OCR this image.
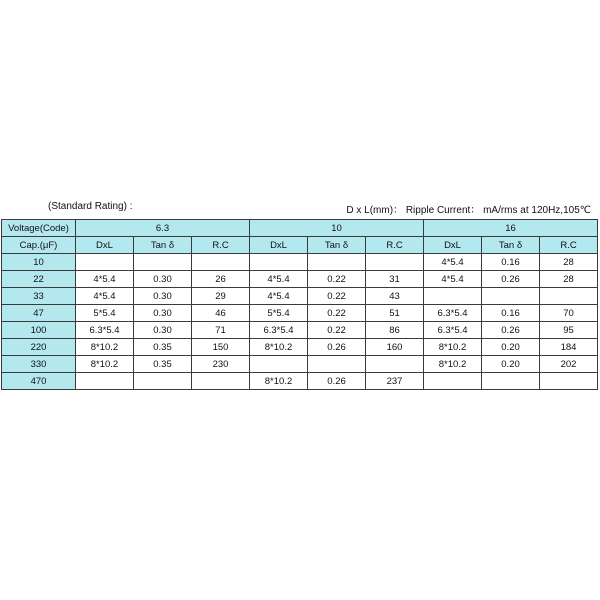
(Standard Rating) :	D x L(mm)： Ripple Current： mA/rms at 120Hz,105℃
Voltage(Code)	6.3			10			16		
Cap.(μF)	DxL	Tan δ	R.C	DxL	Tan δ	R.C	DxL	Tan δ	R.C
10							4*5.4	0.16	28
22	4*5.4	0.30	26	4*5.4	0.22	31	4*5.4	0.26	28
33	4*5.4	0.30	29	4*5.4	0.22	43			
47	5*5.4	0.30	46	5*5.4	0.22	51	6.3*5.4	0.16	70
100	6.3*5.4	0.30	71	6.3*5.4	0.22	86	6.3*5.4	0.26	95
220	8*10.2	0.35	150	8*10.2	0.26	160	8*10.2	0.20	184
330	8*10.2	0.35	230				8*10.2	0.20	202
470				8*10.2	0.26	237			
